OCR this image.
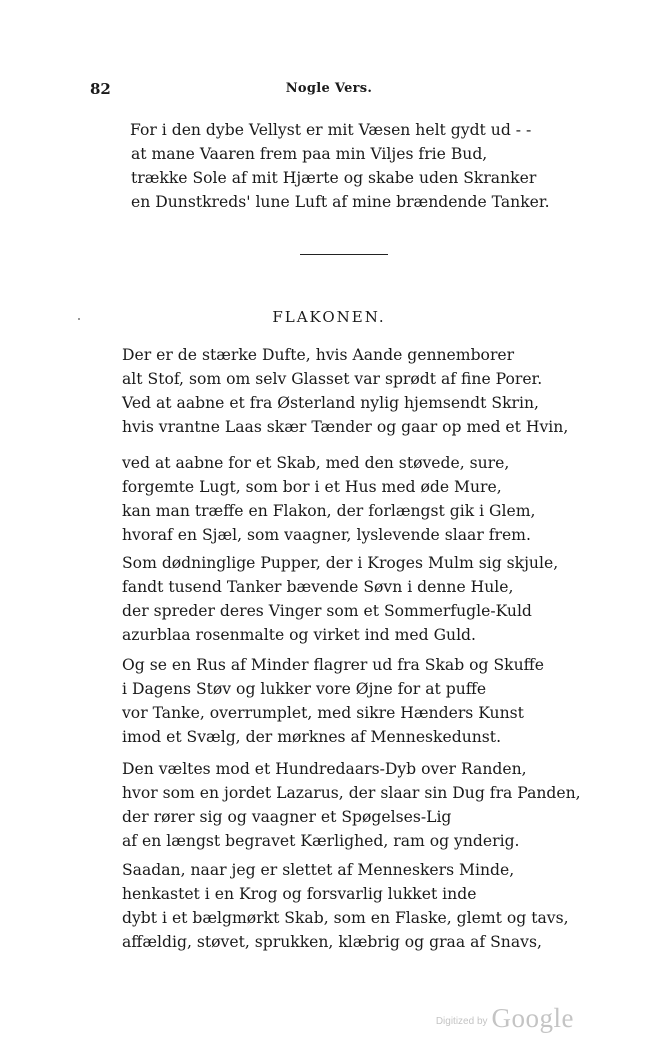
82	Nogle Vers.
For i den dybe Vellyst er mit Væsen helt gydt ud - -
at mane Vaaren frem paa min Viljes frie Bud,
trække Sole af mit Hjærte og skabe uden Skranker
en Dunstkreds' lune Luft af mine brændende Tanker.
FLAKONEN.
Der er de stærke Dufte, hvis Aande gennemborer
alt Stof, som om selv Glasset var sprødt af fine Porer.
Ved at aabne et fra Østerland nylig hjemsendt Skrin,
hvis vrantne Laas skær Tænder og gaar op med et Hvin,
ved at aabne for et Skab, med den støvede, sure,
forgemte Lugt, som bor i et Hus med øde Mure,
kan man træffe en Flakon, der forlængst gik i Glem,
hvoraf en Sjæl, som vaagner, lyslevende slaar frem.
Som dødninglige Pupper, der i Kroges Mulm sig skjule,
fandt tusend Tanker bævende Søvn i denne Hule,
der spreder deres Vinger som et Sommerfugle-Kuld
azurblaa rosenmalte og virket ind med Guld.
Og se en Rus af Minder flagrer ud fra Skab og Skuffe
i Dagens Støv og lukker vore Øjne for at puffe
vor Tanke, overrumplet, med sikre Hænders Kunst
imod et Svælg, der mørknes af Menneskedunst.
Den væltes mod et Hundredaars-Dyb over Randen,
hvor som en jordet Lazarus, der slaar sin Dug fra Panden,
der rører sig og vaagner et Spøgelses-Lig
af en længst begravet Kærlighed, ram og ynderig.
Saadan, naar jeg er slettet af Menneskers Minde,
henkastet i en Krog og forsvarlig lukket inde
dybt i et bælgmørkt Skab, som en Flaske, glemt og tavs,
affældig, støvet, sprukken, klæbrig og graa af Snavs,
Digitized by Google
